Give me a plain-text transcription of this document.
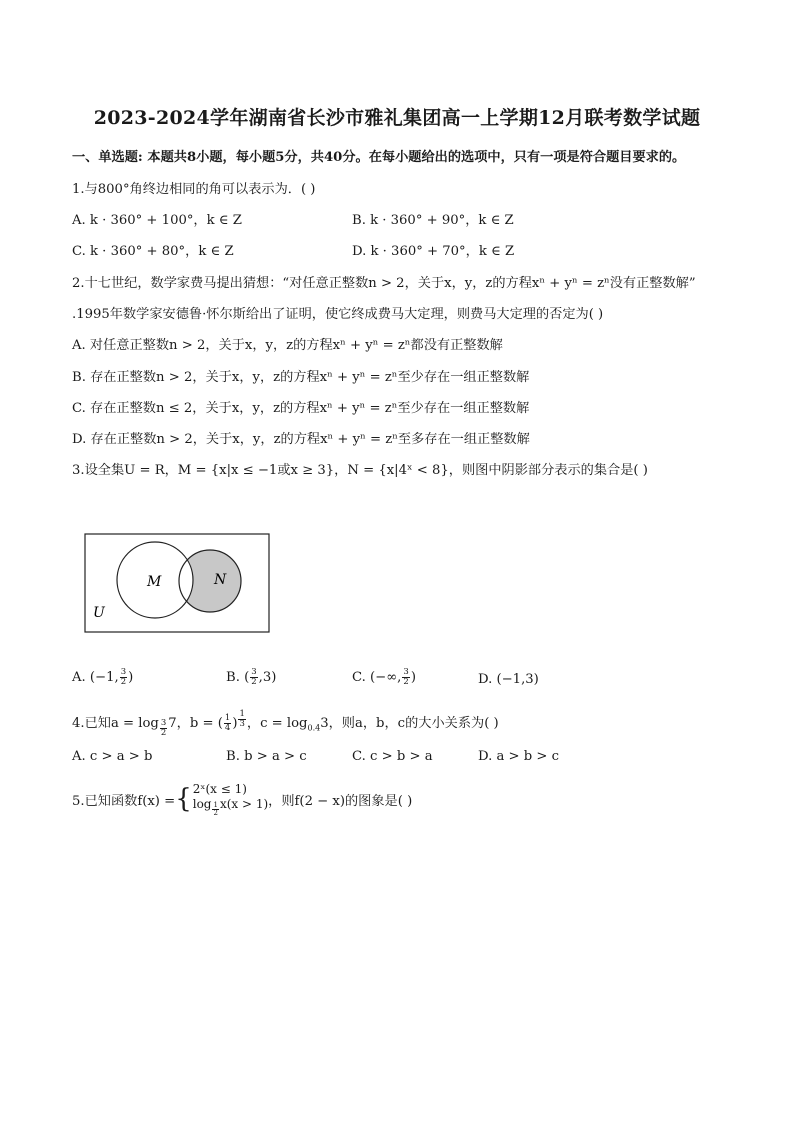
2023-2024学年湖南省长沙市雅礼集团高一上学期12月联考数学试题
一、单选题: 本题共8小题，每小题5分，共40分。在每小题给出的选项中，只有一项是符合题目要求的。
1.与800°角终边相同的角可以表示为．( )
A. k · 360° + 100°，k ∈ Z	B. k · 360° + 90°，k ∈ Z
C. k · 360° + 80°，k ∈ Z	D. k · 360° + 70°，k ∈ Z
2.十七世纪，数学家费马提出猜想：“对任意正整数n > 2，关于x，y，z的方程xⁿ + yⁿ = zⁿ没有正整数解”
.1995年数学家安德鲁·怀尔斯给出了证明，使它终成费马大定理，则费马大定理的否定为( )
A. 对任意正整数n > 2，关于x，y，z的方程xⁿ + yⁿ = zⁿ都没有正整数解
B. 存在正整数n > 2，关于x，y，z的方程xⁿ + yⁿ = zⁿ至少存在一组正整数解
C. 存在正整数n ≤ 2，关于x，y，z的方程xⁿ + yⁿ = zⁿ至少存在一组正整数解
D. 存在正整数n > 2，关于x，y，z的方程xⁿ + yⁿ = zⁿ至多存在一组正整数解
3.设全集U = R，M = {x|x ≤ −1或x ≥ 3}，N = {x|4ˣ < 8}，则图中阴影部分表示的集合是( )
M	N
U
A. (−1, $\frac{3}{2}$ )	B. ( $\frac{3}{2} ,3$)	C. (−∞, $\frac{3}{2}$ )	D. (−1,3)
4.已知a = log $_{\frac{3}{2}}$ 7，b = ( $\frac{1}{4}$ ) $^{\frac{1}{3}}$ ，$c = \log_{0.4}3$，则a，b，c的大小关系为( )
A. c > a > b	B. b > a > c	C. c > b > a	D. a > b > c
5.已知函数f(x) ={ 2ˣ(x ≤ 1)
log $_{\frac{1}{2}}$ x(x > 1) ，则f(2 − x)的图象是( )
